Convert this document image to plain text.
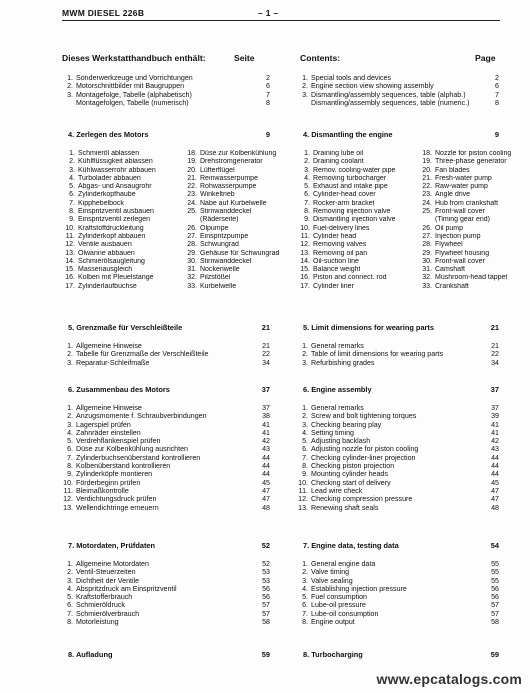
MWM DIESEL 226B	– 1 –
Dieses Werkstatthandbuch enthält:	Seite	Contents:	Page
1. Sonderwerkzeuge und Vorrichtungen	2
2. Motorschnittbilder mit Baugruppen	6
3. Montagefolge, Tabelle (alphabetisch)	7
Montagefolgen, Tabelle (numerisch)	8
1. Special tools and devices	2
2. Engine section view showing assembly	6
3. Dismantling/assembly sequences, table (alphab.)	7
Dismantling/assembly sequences, table (numeric.)	8
4. Zerlegen des Motors	9	4. Dismantling the engine	9
1. Schmieröl ablassen
2. Kühlflüssigkeit ablassen
3. Kühlwasserrohr abbauen
4. Turbolader abbauen
5. Abgas- und Ansaugrohr
6. Zylinderkopfhaube
7. Kipphebelbock
8. Einspritzventil ausbauen
9. Einspritzventil zerlegen
10. Kraftstoffdruckleitung
11. Zylinderkopf abbauen
12. Ventile ausbauen
13. Ölwanne abbauen
14. Schmierölsaugleitung
15. Massenausgleich
16. Kolben mit Pleuelstange
17. Zylinderlaufbuchse
18. Düse zur Kolbenkühlung
19. Drehstromgenerator
20. Lüfterflügel
21. Reinwasserpumpe
22. Rohwasserpumpe
23. Winkeltrieb
24. Nabe auf Kurbelwelle
25. Stirnwanddeckel
(Räderseite)
26. Ölpumpe
27. Einspritzpumpe
28. Schwungrad
29. Gehäuse für Schwungrad
30. Stirnwanddeckel
31. Nockenwelle
32. Pilzstößel
33. Kurbelwelle
1. Draining lube oil
2. Draining coolant
3. Remov. cooling-water pipe
4. Removing turbocharger
5. Exhaust and intake pipe
6. Cylinder-head cover
7. Rocker-arm bracket
8. Removing injection valve
9. Dismantling injection valve
10. Fuel-delivery lines
11. Cylinder head
12. Removing valves
13. Removing oil pan
14. Oil-suction line
15. Balance weight
16. Piston and connect. rod
17. Cylinder liner
18. Nozzle for piston cooling
19. Three-phase generator
20. Fan blades
21. Fresh-water pump
22. Raw-water pump
23. Angle drive
24. Hub from crankshaft
25. Front-wall cover
(Timing gear end)
26. Oil pump
27. Injection pump
28. Flywheel
29. Flywheel housing
30. Front-wall cover
31. Camshaft
32. Mushroom-head tappet
33. Crankshaft
5. Grenzmaße für Verschleißteile	21	5. Limit dimensions for wearing parts	21
1. Allgemeine Hinweise	21
2. Tabelle für Grenzmaße der Verschleißteile	22
3. Reparatur-Schleifmaße	34
1. General remarks	21
2. Table of limit dimensions for wearing parts	22
3. Refurbishing grades	34
6. Zusammenbau des Motors	37	6. Engine assembly	37
1. Allgemeine Hinweise	37
2. Anzugsmomente f. Schraubverbindungen	38
3. Lagerspiel prüfen	41
4. Zahnräder einstellen	41
5. Verdrehflankenspiel prüfen	42
6. Düse zur Kolbenkühlung ausrichten	43
7. Zylinderbuchsenüberstand kontrollieren	44
8. Kolbenüberstand kontrollieren	44
9. Zylinderköpfe montieren	44
10. Förderbeginn prüfen	45
11. Bleimaßkontrolle	47
12. Verdichtungsdruck prüfen	47
13. Wellendichtringe erneuern	48
1. General remarks	37
2. Screw and bolt tightening torques	39
3. Checking bearing play	41
4. Setting timing	41
5. Adjusting backlash	42
6. Adjusting nozzle for piston cooling	43
7. Checking cylinder-liner projection	44
8. Checking piston projection	44
9. Mounting cylinder heads	44
10. Checking start of delivery	45
11. Lead wire check	47
12. Checking compression pressure	47
13. Renewing shaft seals	48
7. Motordaten, Prüfdaten	52	7. Engine data, testing data	54
1. Allgemeine Motordaten	52
2. Ventil-Steuerzeiten	53
3. Dichtheit der Ventile	53
4. Abspritzdruck am Einspritzventil	56
5. Kraftstofferbrauch	56
6. Schmieröldruck	57
7. Schmierölverbrauch	57
8. Motorleistung	58
1. General engine data	55
2. Valve timing	55
3. Valve sealing	55
4. Establishing injection pressure	56
5. Fuel consumption	56
6. Lube-oil pressure	57
7. Lube-oil consumption	57
8. Engine output	58
8. Aufladung	59	8. Turbocharging	59
www.epcatalogs.com
